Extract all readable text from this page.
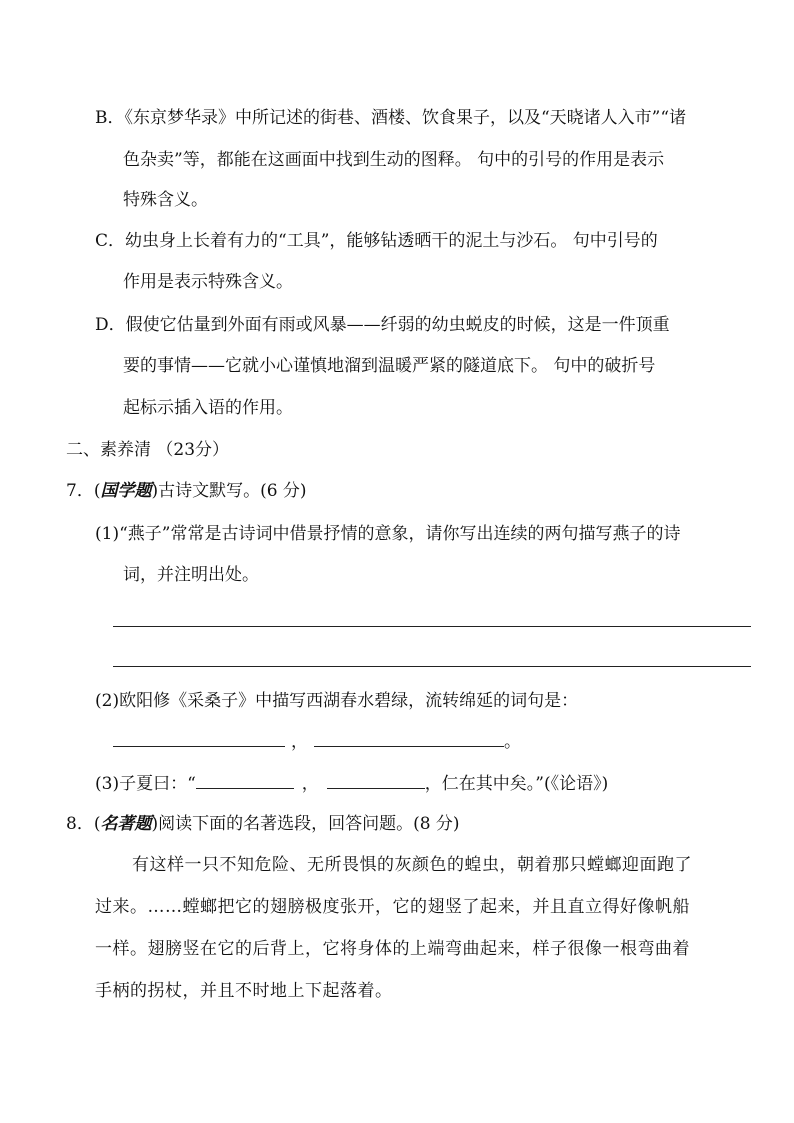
B．《东京梦华录》中所记述的街巷、酒楼、饮食果子，以及“天晓诸人入市”“诸
色杂卖”等，都能在这画面中找到生动的图释。 句中的引号的作用是表示
特殊含义。
C．幼虫身上长着有力的“工具”，能够钻透晒干的泥土与沙石。 句中引号的
作用是表示特殊含义。
D．假使它估量到外面有雨或风暴——纤弱的幼虫蜕皮的时候，这是一件顶重
要的事情——它就小心谨慎地溜到温暖严紧的隧道底下。 句中的破折号
起标示插入语的作用。
二、素养清 （23分）
7．(国学题)古诗文默写。(6 分)
(1)“燕子”常常是古诗词中借景抒情的意象，请你写出连续的两句描写燕子的诗
词，并注明出处。
(2)欧阳修《采桑子》中描写西湖春水碧绿，流转绵延的词句是：
，	。
(3)子夏曰：“	，	，仁在其中矣。”(《论语》)
8．(名著题)阅读下面的名著选段，回答问题。(8 分)
有这样一只不知危险、无所畏惧的灰颜色的蝗虫，朝着那只螳螂迎面跑了
过来。……螳螂把它的翅膀极度张开，它的翅竖了起来，并且直立得好像帆船
一样。翅膀竖在它的后背上，它将身体的上端弯曲起来，样子很像一根弯曲着
手柄的拐杖，并且不时地上下起落着。
